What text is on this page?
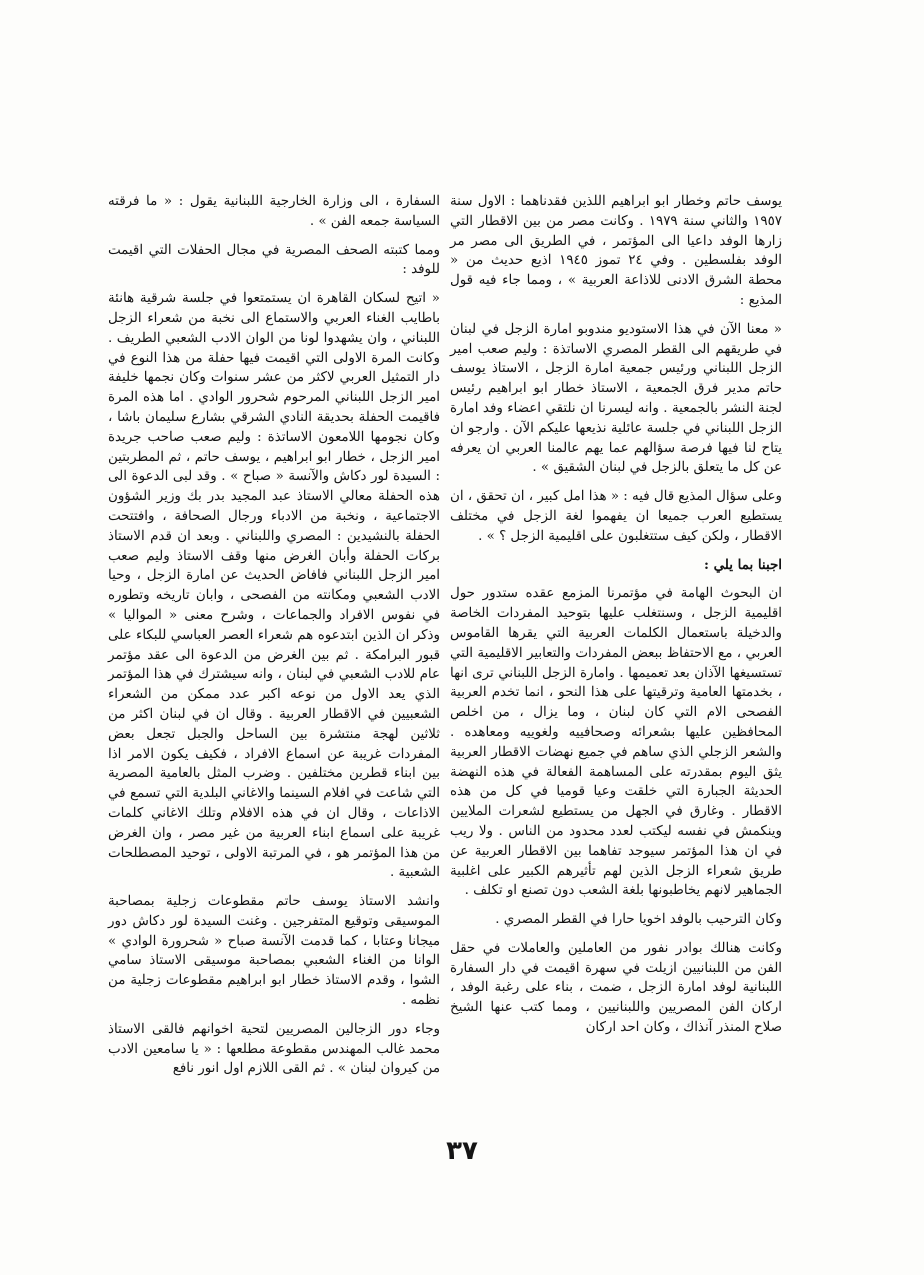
يوسف حاتم وخطار ابو ابراهيم اللذين فقدناهما : الاول سنة ١٩٥٧ والثاني سنة ١٩٧٩ . وكانت مصر من بين الاقطار التي زارها الوفد داعيا الى المؤتمر ، في الطريق الى مصر مر الوفد بفلسطين . وفي ٢٤ تموز ١٩٤٥ اذيع حديث من « محطة الشرق الادنى للاذاعة العربية » ، ومما جاء فيه قول المذيع :

« معنا الآن في هذا الاستوديو مندوبو امارة الزجل في لبنان في طريقهم الى القطر المصري الاساتذة : وليم صعب امير الزجل اللبناني ورئيس جمعية امارة الزجل ، الاستاذ يوسف حاتم مدير فرق الجمعية ، الاستاذ خطار ابو ابراهيم رئيس لجنة النشر بالجمعية . وانه ليسرنا ان نلتقي اعضاء وفد امارة الزجل اللبناني في جلسة عائلية نذيعها عليكم الآن . وارجو ان يتاح لنا فيها فرصة سؤالهم عما يهم عالمنا العربي ان يعرفه عن كل ما يتعلق بالزجل في لبنان الشقيق » .

وعلى سؤال المذيع قال فيه : « هذا امل كبير ، ان تحقق ، ان يستطيع العرب جميعا ان يفهموا لغة الزجل في مختلف الاقطار ، ولكن كيف ستتغلبون على اقليمية الزجل ؟ » .

اجبنا بما يلي :

ان البحوث الهامة في مؤتمرنا المزمع عقده ستدور حول اقليمية الزجل ، وسنتغلب عليها بتوحيد المفردات الخاصة والدخيلة باستعمال الكلمات العربية التي يقرها القاموس العربي ، مع الاحتفاظ ببعض المفردات والتعابير الاقليمية التي تستسيغها الآذان بعد تعميمها . وامارة الزجل اللبناني ترى انها ، بخدمتها العامية وترقيتها على هذا النحو ، انما تخدم العربية الفصحى الام التي كان لبنان ، وما يزال ، من اخلص المحافظين عليها بشعرائه وصحافييه ولغوييه ومعاهده . والشعر الزجلي الذي ساهم في جميع نهضات الاقطار العربية يثق اليوم بمقدرته على المساهمة الفعالة في هذه النهضة الحديثة الجبارة التي خلقت وعيا قوميا في كل من هذه الاقطار . وغارق في الجهل من يستطيع لشعرات الملايين وينكمش في نفسه ليكتب لعدد محدود من الناس . ولا ريب في ان هذا المؤتمر سيوجد تفاهما بين الاقطار العربية عن طريق شعراء الزجل الذين لهم تأثيرهم الكبير على اغلبية الجماهير لانهم يخاطبونها بلغة الشعب دون تصنع او تكلف .

وكان الترحيب بالوفد اخويا حارا في القطر المصري .

وكانت هنالك بوادر نفور من العاملين والعاملات في حقل الفن من اللبنانيين ازيلت في سهرة اقيمت في دار السفارة اللبنانية لوفد امارة الزجل ، ضمت ، بناء على رغبة الوفد ، اركان الفن المصريين واللبنانيين ، ومما كتب عنها الشيخ صلاح المنذر آنذاك ، وكان احد اركان

السفارة ، الى وزارة الخارجية اللبنانية يقول : « ما فرقته السياسة جمعه الفن » .

ومما كتبته الصحف المصرية في مجال الحفلات التي اقيمت للوفد :

« اتيح لسكان القاهرة ان يستمتعوا في جلسة شرقية هانئة باطايب الغناء العربي والاستماع الى نخبة من شعراء الزجل اللبناني ، وان يشهدوا لونا من الوان الادب الشعبي الطريف . وكانت المرة الاولى التي اقيمت فيها حفلة من هذا النوع في دار التمثيل العربي لاكثر من عشر سنوات وكان نجمها خليفة امير الزجل اللبناني المرحوم شحرور الوادي . اما هذه المرة فاقيمت الحفلة بحديقة النادي الشرقي بشارع سليمان باشا ، وكان نجومها اللامعون الاساتذة : وليم صعب صاحب جريدة امير الزجل ، خطار ابو ابراهيم ، يوسف حاتم ، ثم المطربتين : السيدة لور دكاش والآنسة « صباح » . وقد لبى الدعوة الى هذه الحفلة معالي الاستاذ عبد المجيد بدر بك وزير الشؤون الاجتماعية ، ونخبة من الادباء ورجال الصحافة ، وافتتحت الحفلة بالنشيدين : المصري واللبناني . وبعد ان قدم الاستاذ بركات الحفلة وأبان الغرض منها وقف الاستاذ وليم صعب امير الزجل اللبناني فافاض الحديث عن امارة الزجل ، وحيا الادب الشعبي ومكانته من الفصحى ، وابان تاريخه وتطوره في نفوس الافراد والجماعات ، وشرح معنى « المواليا » وذكر ان الذين ابتدعوه هم شعراء العصر العباسي للبكاء على قبور البرامكة . ثم بين الغرض من الدعوة الى عقد مؤتمر عام للادب الشعبي في لبنان ، وانه سيشترك في هذا المؤتمر الذي يعد الاول من نوعه اكبر عدد ممكن من الشعراء الشعبيين في الاقطار العربية . وقال ان في لبنان اكثر من ثلاثين لهجة منتشرة بين الساحل والجبل تجعل بعض المفردات غريبة عن اسماع الافراد ، فكيف يكون الامر اذا بين ابناء قطرين مختلفين . وضرب المثل بالعامية المصرية التي شاعت في افلام السينما والاغاني البلدية التي تسمع في الاذاعات ، وقال ان في هذه الافلام وتلك الاغاني كلمات غريبة على اسماع ابناء العربية من غير مصر ، وان الغرض من هذا المؤتمر هو ، في المرتبة الاولى ، توحيد المصطلحات الشعبية .

وانشد الاستاذ يوسف حاتم مقطوعات زجلية بمصاحبة الموسيقى وتوقيع المتفرجين . وغنت السيدة لور دكاش دور ميجانا وعتابا ، كما قدمت الآنسة صباح « شحرورة الوادي » الوانا من الغناء الشعبي بمصاحبة موسيقى الاستاذ سامي الشوا ، وقدم الاستاذ خطار ابو ابراهيم مقطوعات زجلية من نظمه .

وجاء دور الزجالين المصريين لتحية اخوانهم فالقى الاستاذ محمد غالب المهندس مقطوعة مطلعها : « يا سامعين الادب من كيروان لبنان » . ثم القى اللازم اول انور نافع

٣٧
